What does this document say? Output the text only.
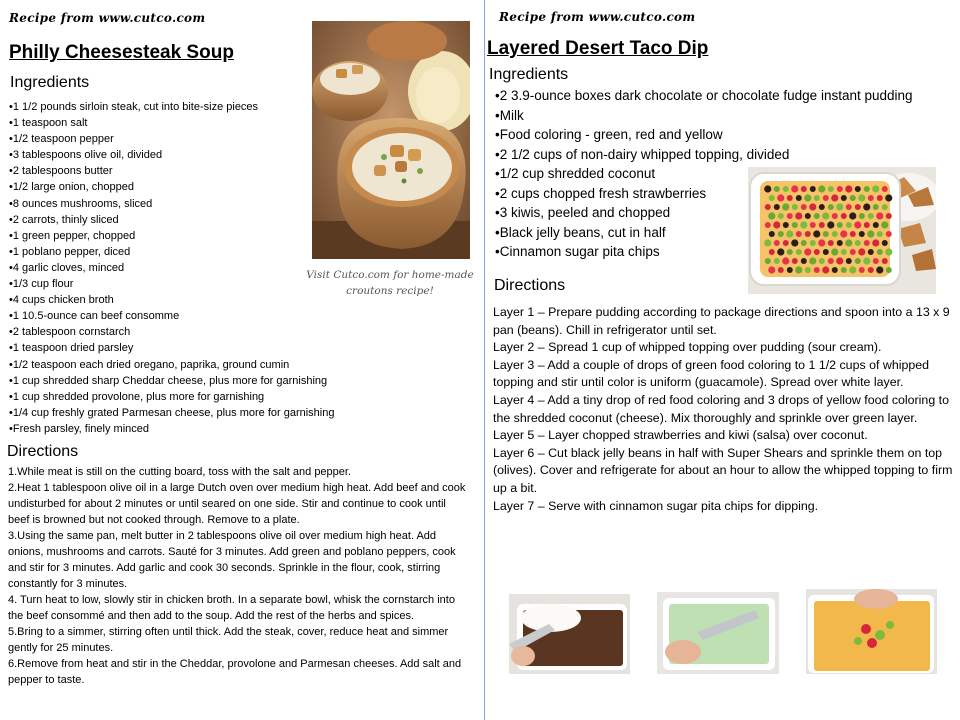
Recipe from www.cutco.com
Philly Cheesesteak Soup
Ingredients
• 1 1/2 pounds sirloin steak, cut into bite-size pieces
• 1 teaspoon salt
• 1/2 teaspoon pepper
• 3 tablespoons olive oil, divided
• 2 tablespoons butter
• 1/2 large onion, chopped
• 8 ounces mushrooms, sliced
• 2 carrots, thinly sliced
• 1 green pepper, chopped
• 1 poblano pepper, diced
• 4 garlic cloves, minced
• 1/3 cup flour
• 4 cups chicken broth
• 1 10.5-ounce can beef consomme
• 2 tablespoon cornstarch
• 1 teaspoon dried parsley
• 1/2 teaspoon each dried oregano, paprika, ground cumin
• 1 cup shredded sharp Cheddar cheese, plus more for garnishing
• 1 cup shredded provolone, plus more for garnishing
• 1/4 cup freshly grated Parmesan cheese, plus more for garnishing
• Fresh parsley, finely minced
Visit Cutco.com for home-made croutons recipe!
Directions

1.While meat is still on the cutting board, toss with the salt and pepper.

2.Heat 1 tablespoon olive oil in a large Dutch oven over medium high heat. Add beef and cook undisturbed for about 2 minutes or until seared on one side. Stir and continue to cook until beef is browned but not cooked through. Remove to a plate.

3.Using the same pan, melt butter in 2 tablespoons olive oil over medium high heat. Add onions, mushrooms and carrots. Sauté for 3 minutes. Add green and poblano peppers, cook and stir for 3 minutes. Add garlic and cook 30 seconds. Sprinkle in the flour, cook, stirring constantly for 3 minutes.

4. Turn heat to low, slowly stir in chicken broth. In a separate bowl, whisk the cornstarch into the beef consommé and then add to the soup. Add the rest of the herbs and spices.

5.Bring to a simmer, stirring often until thick. Add the steak, cover, reduce heat and simmer gently for 25 minutes.

6.Remove from heat and stir in the Cheddar, provolone and Parmesan cheeses. Add salt and pepper to taste.

Recipe from www.cutco.com
Layered Desert Taco Dip
Ingredients
• 2 3.9-ounce boxes dark chocolate or chocolate fudge instant pudding
• Milk
• Food coloring - green, red and yellow
• 2 1/2 cups of non-dairy whipped topping, divided
• 1/2 cup shredded coconut
• 2 cups chopped fresh strawberries
• 3 kiwis, peeled and chopped
• Black jelly beans, cut in half
• Cinnamon sugar pita chips
Directions

Layer 1 – Prepare pudding according to package directions and spoon into a 13 x 9 pan (beans). Chill in refrigerator until set.

Layer 2 – Spread 1 cup of whipped topping over pudding (sour cream).

Layer 3 – Add a couple of drops of green food coloring to 1 1/2 cups of whipped topping and stir until color is uniform (guacamole). Spread over white layer.

Layer 4 – Add a tiny drop of red food coloring and 3 drops of yellow food coloring to the shredded coconut (cheese). Mix thoroughly and sprinkle over green layer.

Layer 5 – Layer chopped strawberries and kiwi (salsa) over coconut.

Layer 6 – Cut black jelly beans in half with Super Shears and sprinkle them on top (olives). Cover and refrigerate for about an hour to allow the whipped topping to firm up a bit.

Layer 7 – Serve with cinnamon sugar pita chips for dipping.
